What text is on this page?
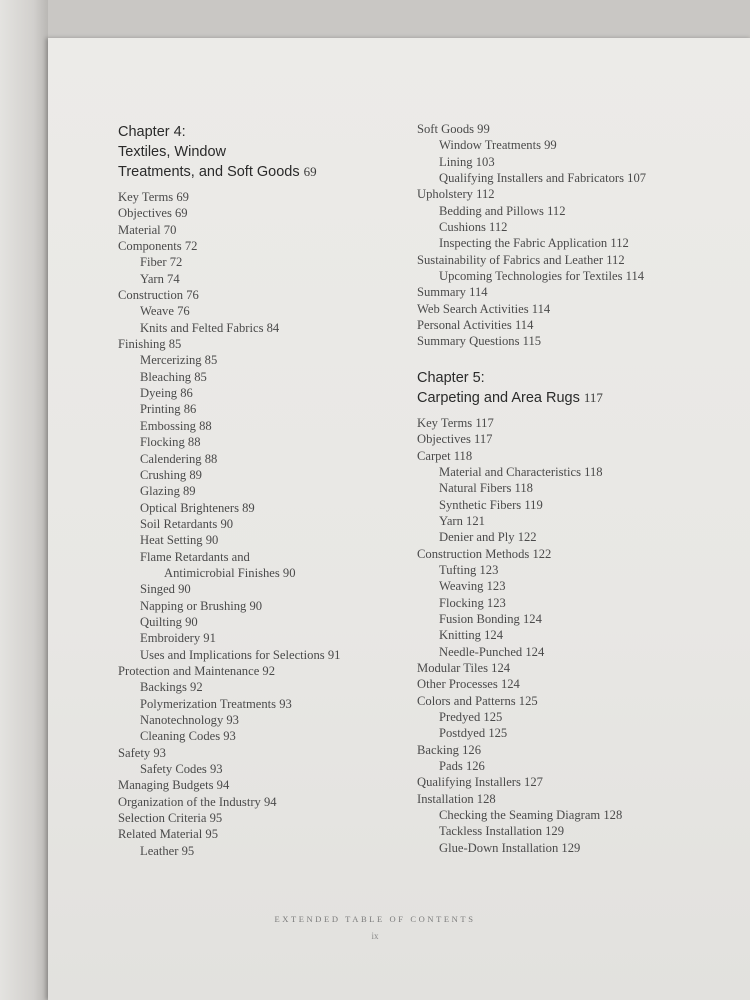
Chapter 4:
Textiles, Window
Treatments, and Soft Goods 69
Key Terms 69
Objectives 69
Material 70
Components 72
Fiber 72
Yarn 74
Construction 76
Weave 76
Knits and Felted Fabrics 84
Finishing 85
Mercerizing 85
Bleaching 85
Dyeing 86
Printing 86
Embossing 88
Flocking 88
Calendering 88
Crushing 89
Glazing 89
Optical Brighteners 89
Soil Retardants 90
Heat Setting 90
Flame Retardants and
Antimicrobial Finishes 90
Singed 90
Napping or Brushing 90
Quilting 90
Embroidery 91
Uses and Implications for Selections 91
Protection and Maintenance 92
Backings 92
Polymerization Treatments 93
Nanotechnology 93
Cleaning Codes 93
Safety 93
Safety Codes 93
Managing Budgets 94
Organization of the Industry 94
Selection Criteria 95
Related Material 95
Leather 95
Soft Goods 99
Window Treatments 99
Lining 103
Qualifying Installers and Fabricators 107
Upholstery 112
Bedding and Pillows 112
Cushions 112
Inspecting the Fabric Application 112
Sustainability of Fabrics and Leather 112
Upcoming Technologies for Textiles 114
Summary 114
Web Search Activities 114
Personal Activities 114
Summary Questions 115
Chapter 5:
Carpeting and Area Rugs 117
Key Terms 117
Objectives 117
Carpet 118
Material and Characteristics 118
Natural Fibers 118
Synthetic Fibers 119
Yarn 121
Denier and Ply 122
Construction Methods 122
Tufting 123
Weaving 123
Flocking 123
Fusion Bonding 124
Knitting 124
Needle-Punched 124
Modular Tiles 124
Other Processes 124
Colors and Patterns 125
Predyed 125
Postdyed 125
Backing 126
Pads 126
Qualifying Installers 127
Installation 128
Checking the Seaming Diagram 128
Tackless Installation 129
Glue-Down Installation 129
EXTENDED TABLE OF CONTENTS
ix
